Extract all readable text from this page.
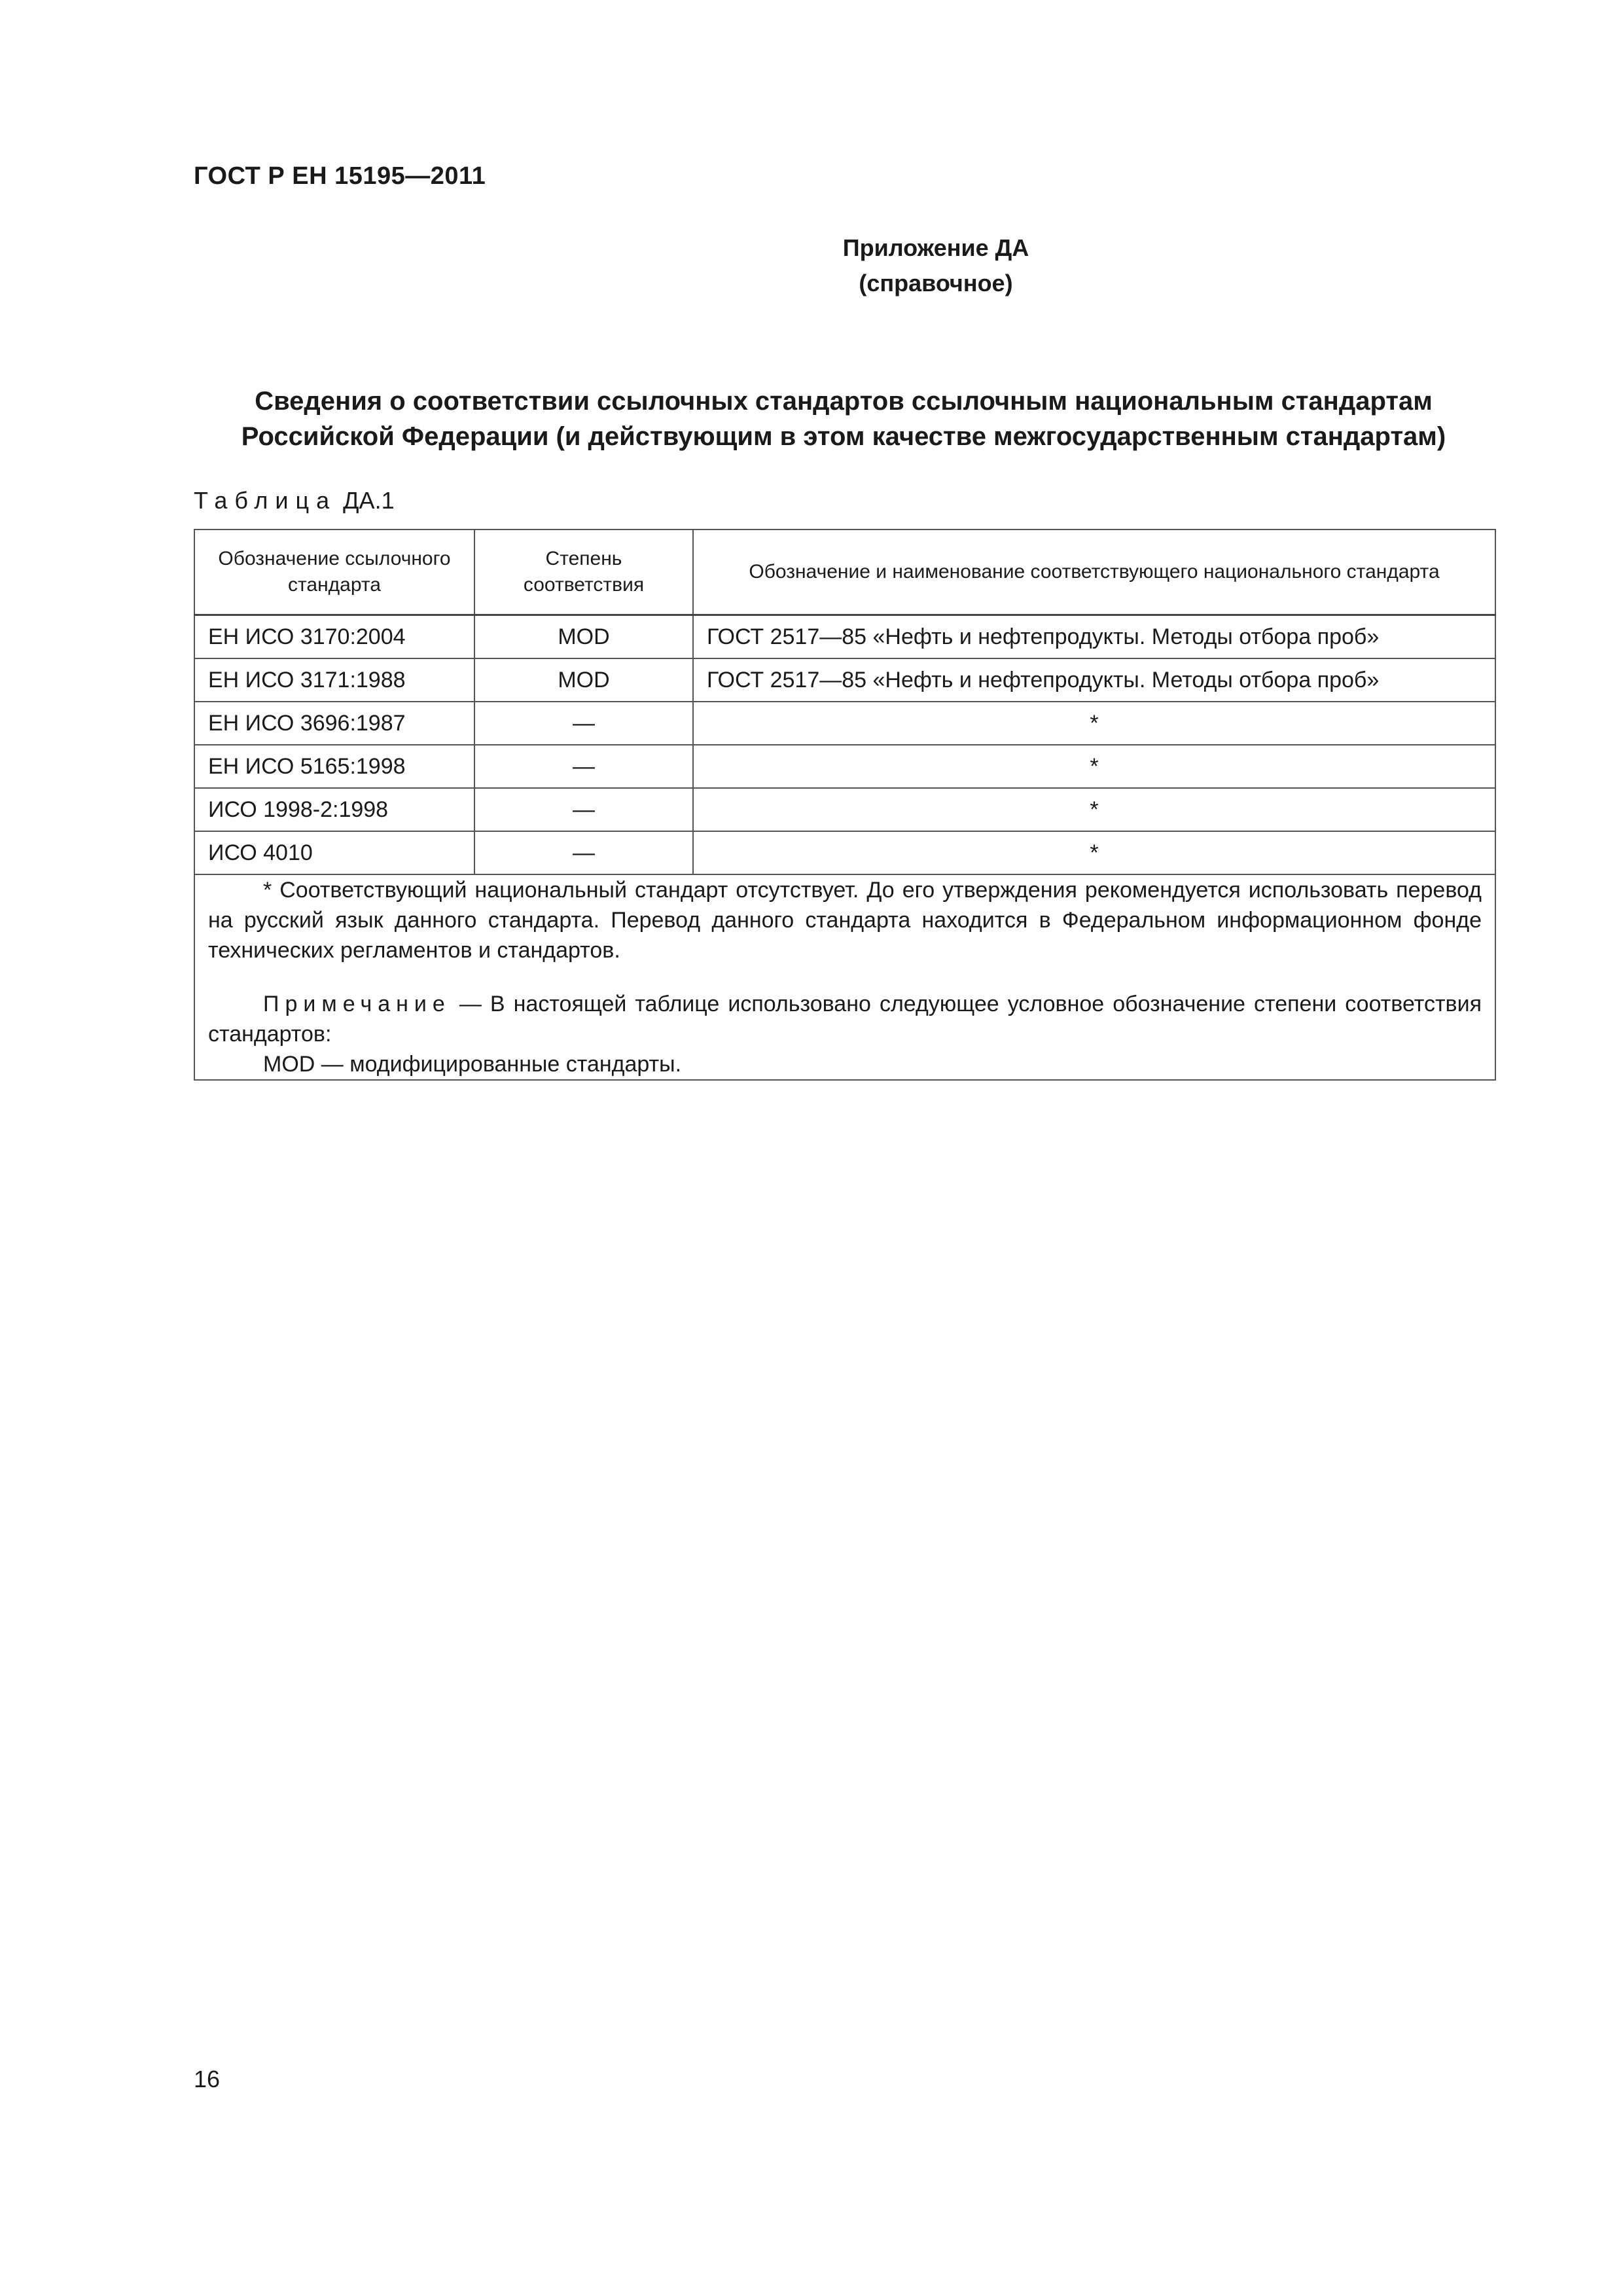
ГОСТ Р ЕН 15195—2011
Приложение ДА
(справочное)
Сведения о соответствии ссылочных стандартов ссылочным национальным стандартам
Российской Федерации (и действующим в этом качестве межгосударственным стандартам)
Таблица ДА.1
Обозначение ссылочного стандарта	Степень соответствия	Обозначение и наименование соответствующего национального стандарта
ЕН ИСО 3170:2004	MOD	ГОСТ 2517—85 «Нефть и нефтепродукты. Методы отбора проб»
ЕН ИСО 3171:1988	MOD	ГОСТ 2517—85 «Нефть и нефтепродукты. Методы отбора проб»
ЕН ИСО 3696:1987	—	*
ЕН ИСО 5165:1998	—	*
ИСО 1998-2:1998	—	*
ИСО 4010	—	*

* Соответствующий национальный стандарт отсутствует. До его утверждения рекомендуется использовать перевод на русский язык данного стандарта. Перевод данного стандарта находится в Федеральном информационном фонде технических регламентов и стандартов.
Примечание — В настоящей таблице использовано следующее условное обозначение степени соответствия стандартов:
MOD — модифицированные стандарты.		
16
